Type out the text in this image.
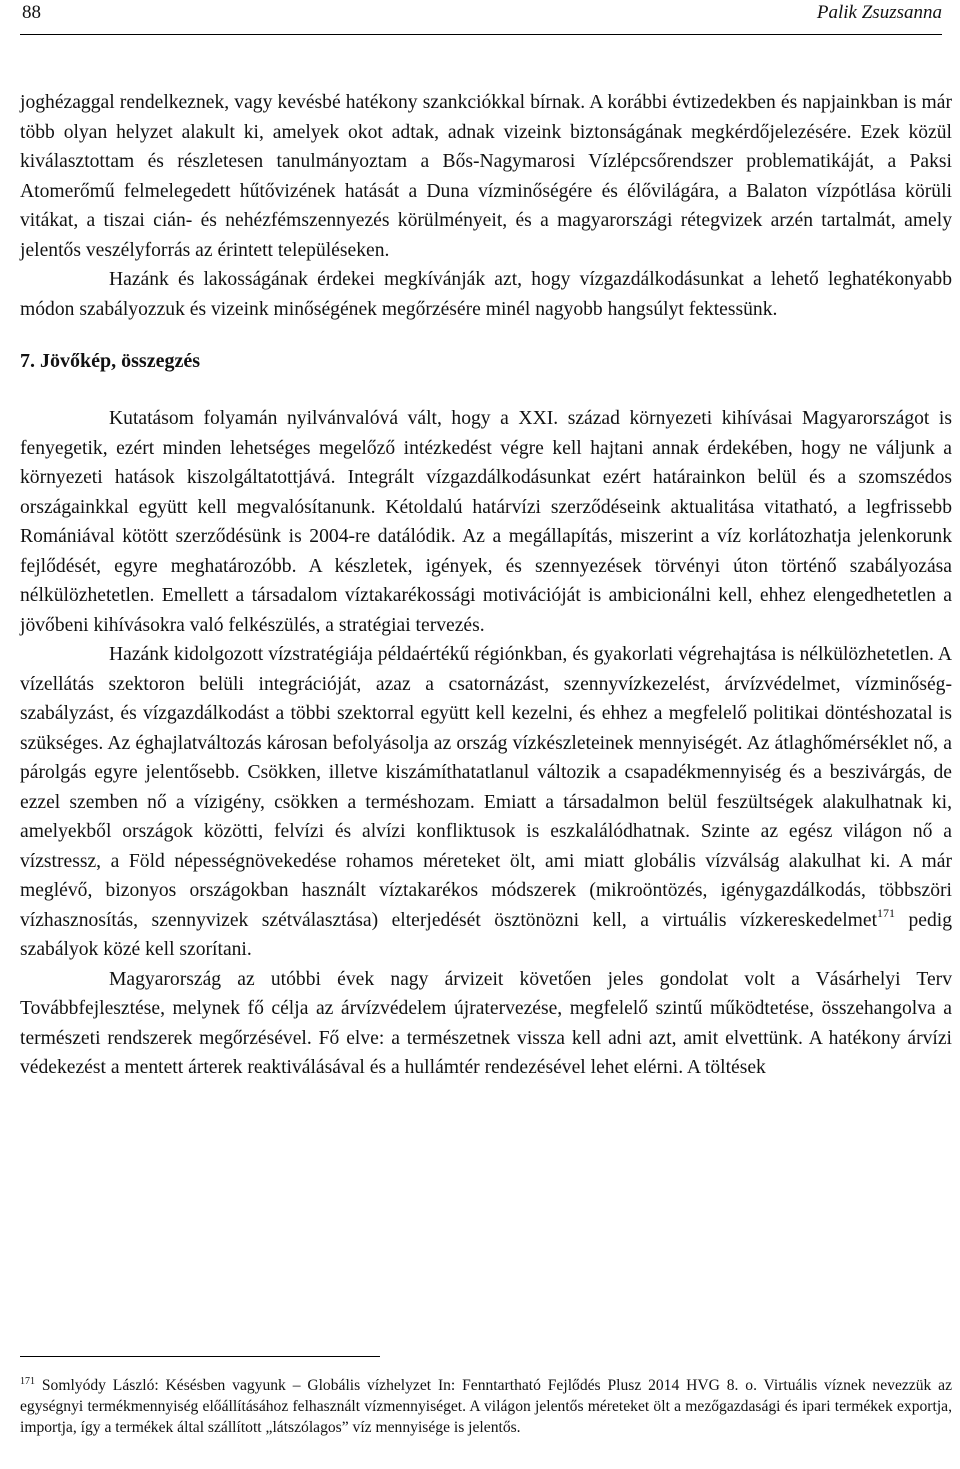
88	Palik Zsuzsanna

joghézaggal rendelkeznek, vagy kevésbé hatékony szankciókkal bírnak. A korábbi évtizedekben és napjainkban is már több olyan helyzet alakult ki, amelyek okot adtak, adnak vizeink biztonságának megkérdőjelezésére. Ezek közül kiválasztottam és részletesen tanulmányoztam a Bős-Nagymarosi Vízlépcsőrendszer problematikáját, a Paksi Atomerőmű felmelegedett hűtővizének hatását a Duna vízminőségére és élővilágára, a Balaton vízpótlása körüli vitákat, a tiszai cián- és nehézfémszennyezés körülményeit, és a magyarországi rétegvizek arzén tartalmát, amely jelentős veszélyforrás az érintett településeken.

Hazánk és lakosságának érdekei megkívánják azt, hogy vízgazdálkodásunkat a lehető leghatékonyabb módon szabályozzuk és vizeink minőségének megőrzésére minél nagyobb hangsúlyt fektessünk.

7. Jövőkép, összegzés

Kutatásom folyamán nyilvánvalóvá vált, hogy a XXI. század környezeti kihívásai Magyarországot is fenyegetik, ezért minden lehetséges megelőző intézkedést végre kell hajtani annak érdekében, hogy ne váljunk a környezeti hatások kiszolgáltatottjává. Integrált vízgazdálkodásunkat ezért határainkon belül és a szomszédos országainkkal együtt kell megvalósítanunk. Kétoldalú határvízi szerződéseink aktualitása vitatható, a legfrissebb Romániával kötött szerződésünk is 2004-re datálódik. Az a megállapítás, miszerint a víz korlátozhatja jelenkorunk fejlődését, egyre meghatározóbb. A készletek, igények, és szennyezések törvényi úton történő szabályozása nélkülözhetetlen. Emellett a társadalom víztakarékossági motivációját is ambicionálni kell, ehhez elengedhetetlen a jövőbeni kihívásokra való felkészülés, a stratégiai tervezés.

Hazánk kidolgozott vízstratégiája példaértékű régiónkban, és gyakorlati végrehajtása is nélkülözhetetlen. A vízellátás szektoron belüli integrációját, azaz a csatornázást, szennyvízkezelést, árvízvédelmet, vízminőség-szabályzást, és vízgazdálkodást a többi szektorral együtt kell kezelni, és ehhez a megfelelő politikai döntéshozatal is szükséges. Az éghajlatváltozás károsan befolyásolja az ország vízkészleteinek mennyiségét. Az átlaghőmérséklet nő, a párolgás egyre jelentősebb. Csökken, illetve kiszámíthatatlanul változik a csapadékmennyiség és a beszivárgás, de ezzel szemben nő a vízigény, csökken a terméshozam. Emiatt a társadalmon belül feszültségek alakulhatnak ki, amelyekből országok közötti, felvízi és alvízi konfliktusok is eszkalálódhatnak. Szinte az egész világon nő a vízstressz, a Föld népességnövekedése rohamos méreteket ölt, ami miatt globális vízválság alakulhat ki. A már meglévő, bizonyos országokban használt víztakarékos módszerek (mikroöntözés, igénygazdálkodás, többszöri vízhasznosítás, szennyvizek szétválasztása) elterjedését ösztönözni kell, a virtuális vízkereskedelmet$^{171}$ pedig szabályok közé kell szorítani.

Magyarország az utóbbi évek nagy árvizeit követően jeles gondolat volt a Vásárhelyi Terv Továbbfejlesztése, melynek fő célja az árvízvédelem újratervezése, megfelelő szintű működtetése, összehangolva a természeti rendszerek megőrzésével. Fő elve: a természetnek vissza kell adni azt, amit elvettünk. A hatékony árvízi védekezést a mentett árterek reaktiválásával és a hullámtér rendezésével lehet elérni. A töltések

$^{171}$ Somlyódy László: Késésben vagyunk – Globális vízhelyzet In: Fenntartható Fejlődés Plusz 2014 HVG 8. o. Virtuális víznek nevezzük az egységnyi termékmennyiség előállításához felhasznált vízmennyiséget. A világon jelentős méreteket ölt a mezőgazdasági és ipari termékek exportja, importja, így a termékek által szállított „látszólagos” víz mennyisége is jelentős.
